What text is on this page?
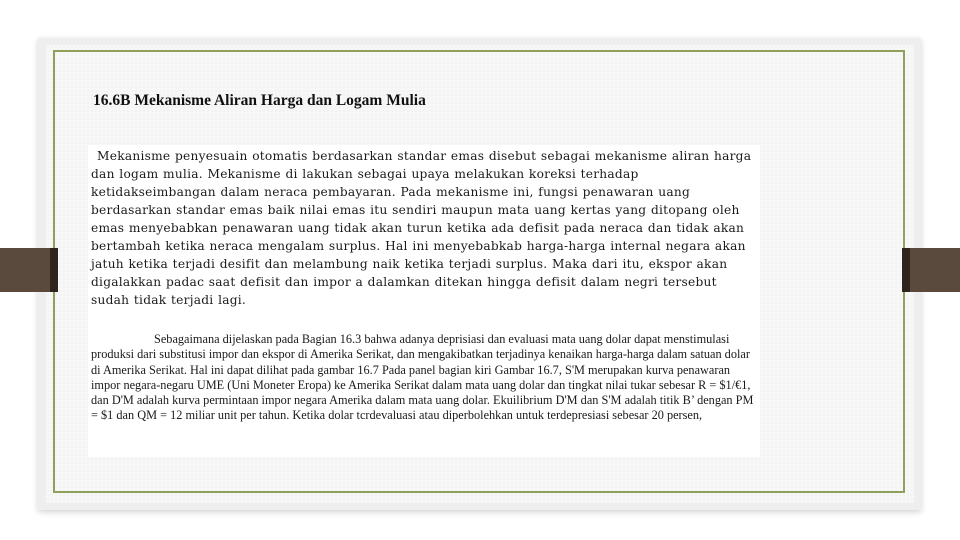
16.6B Mekanisme Aliran Harga dan Logam Mulia

Mekanisme penyesuain otomatis berdasarkan standar emas disebut sebagai mekanisme aliran harga dan logam mulia. Mekanisme di lakukan sebagai upaya melakukan koreksi terhadap ketidakseimbangan dalam neraca pembayaran. Pada mekanisme ini, fungsi penawaran uang berdasarkan standar emas baik nilai emas itu sendiri maupun mata uang kertas yang ditopang oleh emas menyebabkan penawaran uang tidak akan turun ketika ada defisit pada neraca dan tidak akan bertambah ketika neraca mengalam surplus. Hal ini menyebabkab harga-harga internal negara akan jatuh ketika terjadi desifit dan melambung naik ketika terjadi surplus. Maka dari itu, ekspor akan digalakkan padac saat defisit dan impor a dalamkan ditekan hingga defisit dalam negri tersebut sudah tidak terjadi lagi.

Sebagaimana dijelaskan pada Bagian 16.3 bahwa adanya deprisiasi dan evaluasi mata uang dolar dapat menstimulasi produksi dari substitusi impor dan ekspor di Amerika Serikat, dan mengakibatkan terjadinya kenaikan harga-harga dalam satuan dolar di Amerika Serikat. Hal ini dapat dilihat pada gambar 16.7 Pada panel bagian kiri Gambar 16.7, S'M merupakan kurva penawaran impor negara-negaru UME (Uni Moneter Eropa) ke Amerika Serikat dalam mata uang dolar dan tingkat nilai tukar sebesar R = $1/€1, dan D'M adalah kurva permintaan impor negara Amerika dalam mata uang dolar. Ekuilibrium D'M dan S'M adalah titik B’ dengan PM = $1 dan QM = 12 miliar unit per tahun. Ketika dolar tcrdevaluasi atau diperbolehkan untuk terdepresiasi sebesar 20 persen,
